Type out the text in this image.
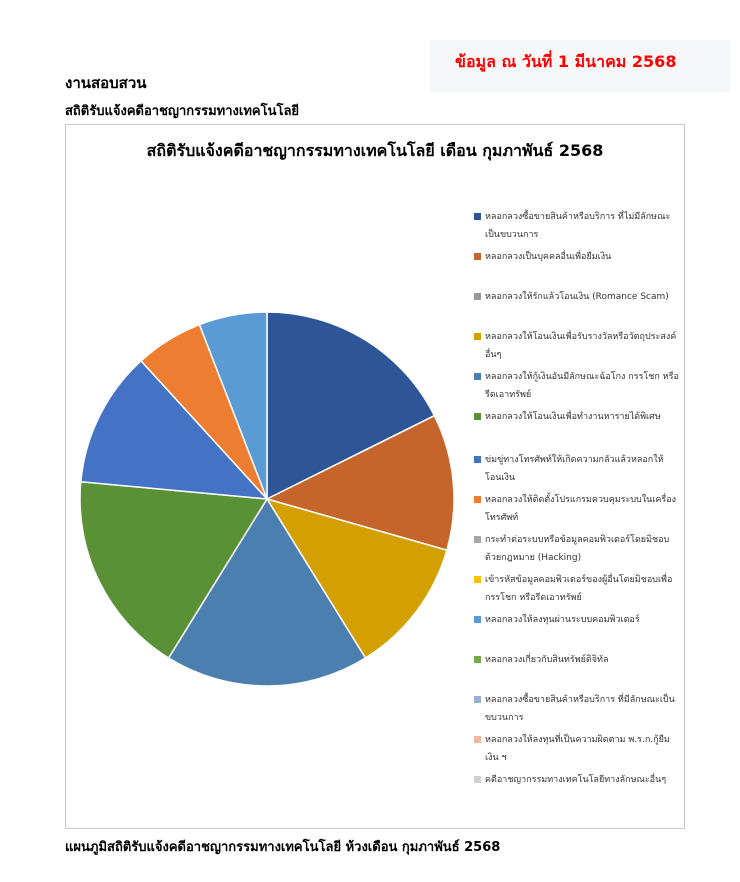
ข้อมูล ณ วันที่ 1 มีนาคม 2568
งานสอบสวน
สถิติรับแจ้งคดีอาชญากรรมทางเทคโนโลยี
สถิติรับแจ้งคดีอาชญากรรมทางเทคโนโลยี เดือน กุมภาพันธ์ 2568
หลอกลวงซื้อขายสินค้าหรือบริการ ที่ไม่มีลักษณะเป็นขบวนการ
หลอกลวงเป็นบุคคลอื่นเพื่อยืมเงิน
หลอกลวงให้รักแล้วโอนเงิน (Romance Scam)
หลอกลวงให้โอนเงินเพื่อรับรางวัลหรือวัตถุประสงค์อื่นๆ
หลอกลวงให้กู้เงินอันมีลักษณะฉ้อโกง กรรโชก หรือรีดเอาทรัพย์
หลอกลวงให้โอนเงินเพื่อทำงานหารายได้พิเศษ
ข่มขู่ทางโทรศัพท์ให้เกิดความกลัวแล้วหลอกให้โอนเงิน
หลอกลวงให้ติดตั้งโปรแกรมควบคุมระบบในเครื่องโทรศัพท์
กระทำต่อระบบหรือข้อมูลคอมพิวเตอร์โดยมิชอบด้วยกฎหมาย (Hacking)
เข้ารหัสข้อมูลคอมพิวเตอร์ของผู้อื่นโดยมิชอบเพื่อกรรโชก หรือรีดเอาทรัพย์
หลอกลวงให้ลงทุนผ่านระบบคอมพิวเตอร์
หลอกลวงเกี่ยวกับสินทรัพย์ดิจิทัล
หลอกลวงซื้อขายสินค้าหรือบริการ ที่มีลักษณะเป็นขบวนการ
หลอกลวงให้ลงทุนที่เป็นความผิดตาม พ.ร.ก.กู้ยืมเงิน ฯ
คดีอาชญากรรมทางเทคโนโลยีทางลักษณะอื่นๆ
แผนภูมิสถิติรับแจ้งคดีอาชญากรรมทางเทคโนโลยี ห้วงเดือน กุมภาพันธ์ 2568
